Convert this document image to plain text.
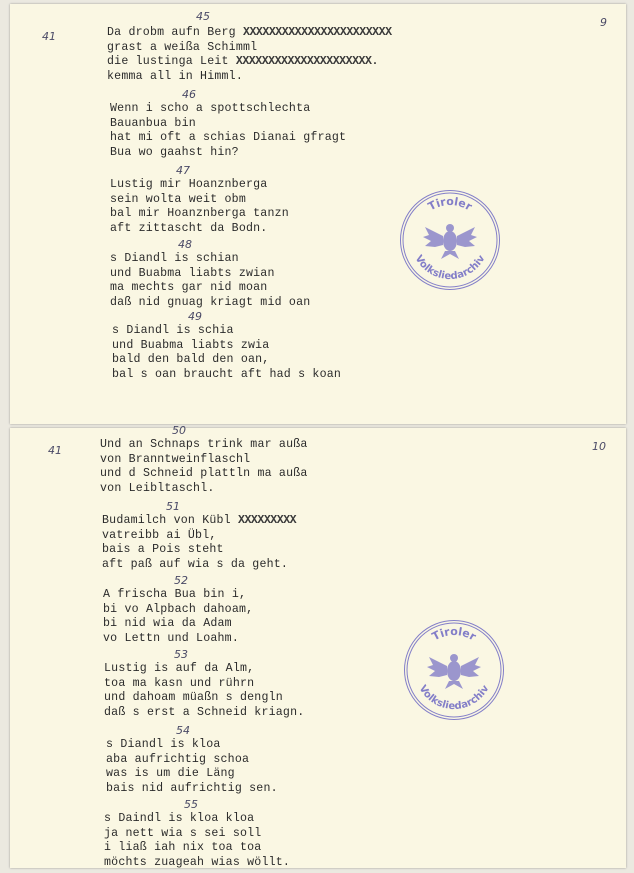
41
9
45
Da drobm aufn Berg XXXXXXXXXXXXXXXXXXXXXXX
grast a weißa Schimml
die lustinga Leit XXXXXXXXXXXXXXXXXXXXX.
kemma all in Himml.
46
Wenn i scho a spottschlechta
Bauanbua bin
hat mi oft a schias Dianai gfragt
Bua wo gaahst hin?
47
Lustig mir Hoanznberga
sein wolta weit obm
bal mir Hoanznberga tanzn
aft zittascht da Bodn.
48
s Diandl is schian
und Buabma liabts zwian
ma mechts gar nid moan
daß nid gnuag kriagt mid oan
49
s Diandl is schia
und Buabma liabts zwia
bald den bald den oan,
bal s oan braucht aft had s koan
Tiroler
Volksliedarchiv
41	10
50
Und an Schnaps trink mar außa
von Branntweinflaschl
und d Schneid plattln ma außa
von Leibltaschl.
51
Budamilch von Kübl XXXXXXXXX
vatreibb ai Übl,
bais a Pois steht
aft paß auf wia s da geht.
52
A frischa Bua bin i,
bi vo Alpbach dahoam,
bi nid wia da Adam
vo Lettn und Loahm.
53
Lustig is auf da Alm,
toa ma kasn und rührn
und dahoam müaßn s dengln
daß s erst a Schneid kriagn.
54
s Diandl is kloa
aba aufrichtig schoa
was is um die Läng
bais nid aufrichtig sen.
55
s Daindl is kloa kloa
ja nett wia s sei soll
i liaß iah nix toa toa
möchts zuageah wias wöllt.
Tiroler
Volksliedarchiv
